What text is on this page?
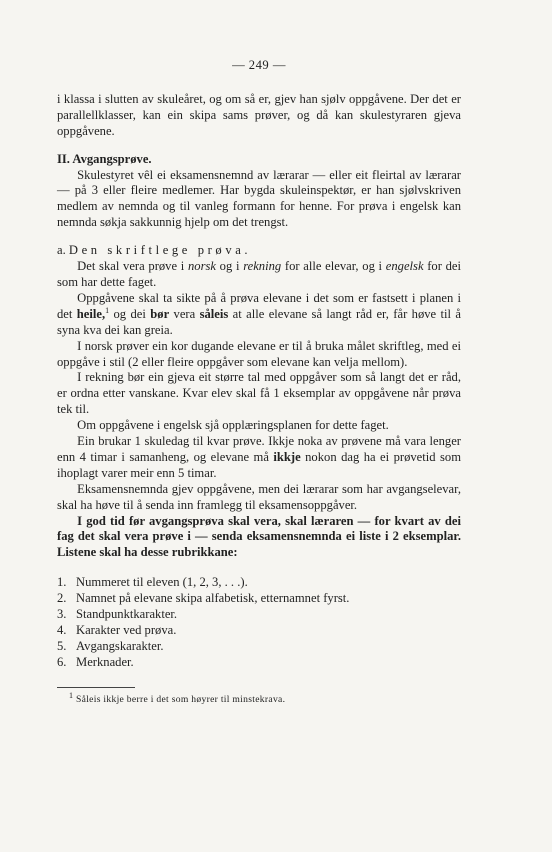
— 249 —

i klassa i slutten av skuleåret, og om så er, gjev han sjølv oppgåvene. Der det er parallellklasser, kan ein skipa sams prøver, og då kan skulestyraren gjeva oppgåvene.

II. Avgangsprøve.

Skulestyret vêl ei eksamensnemnd av lærarar — eller eit fleirtal av lærarar — på 3 eller fleire medlemer. Har bygda skuleinspektør, er han sjølvskriven medlem av nemnda og til vanleg formann for henne. For prøva i engelsk kan nemnda søkja sakkunnig hjelp om det trengst.

a. Den skriftlege prøva.

Det skal vera prøve i norsk og i rekning for alle elevar, og i engelsk for dei som har dette faget.

Oppgåvene skal ta sikte på å prøva elevane i det som er fastsett i planen i det heile,$^1$ og dei bør vera såleis at alle elevane så langt råd er, får høve til å syna kva dei kan greia.

I norsk prøver ein kor dugande elevane er til å bruka målet skriftleg, med ei oppgåve i stil (2 eller fleire oppgåver som elevane kan velja mellom).

I rekning bør ein gjeva eit større tal med oppgåver som så langt det er råd, er ordna etter vanskane. Kvar elev skal få 1 eksemplar av oppgåvene når prøva tek til.

Om oppgåvene i engelsk sjå opplæringsplanen for dette faget.

Ein brukar 1 skuledag til kvar prøve. Ikkje noka av prøvene må vara lenger enn 4 timar i samanheng, og elevane må ikkje nokon dag ha ei prøvetid som ihoplagt varer meir enn 5 timar.

Eksamensnemnda gjev oppgåvene, men dei lærarar som har avgangselevar, skal ha høve til å senda inn framlegg til eksamensoppgåver.

I god tid før avgangsprøva skal vera, skal læraren — for kvart av dei fag det skal vera prøve i — senda eksamensnemnda ei liste i 2 eksemplar. Listene skal ha desse rubrikkane:

1. Nummeret til eleven (1, 2, 3, . . .).
2. Namnet på elevane skipa alfabetisk, etternamnet fyrst.
3. Standpunktkarakter.
4. Karakter ved prøva.
5. Avgangskarakter.
6. Merknader.

$^1$ Såleis ikkje berre i det som høyrer til minstekrava.
